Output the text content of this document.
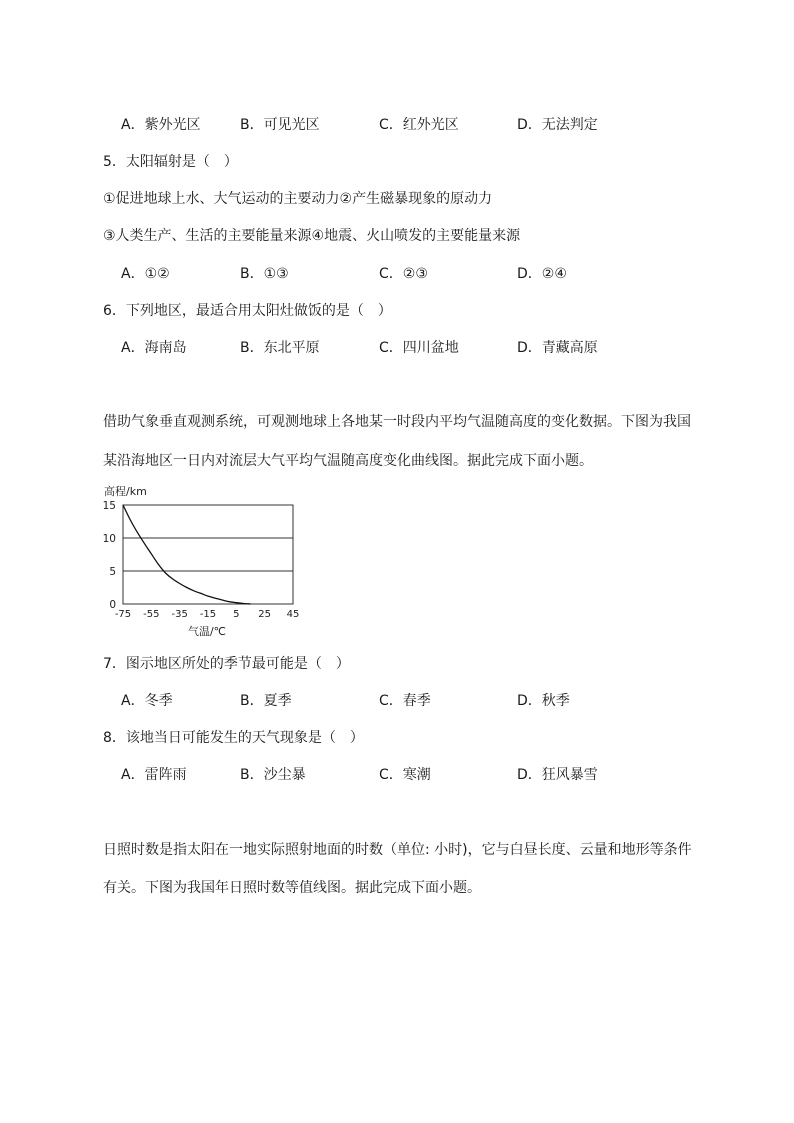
A．紫外光区	B．可见光区	C．红外光区	D．无法判定
5．太阳辐射是（　）
①促进地球上水、大气运动的主要动力②产生磁暴现象的原动力
③人类生产、生活的主要能量来源④地震、火山喷发的主要能量来源
A．①②	B．①③	C．②③	D．②④
6．下列地区，最适合用太阳灶做饭的是（　）
A．海南岛	B．东北平原	C．四川盆地	D．青藏高原
借助气象垂直观测系统，可观测地球上各地某一时段内平均气温随高度的变化数据。下图为我国
某沿海地区一日内对流层大气平均气温随高度变化曲线图。据此完成下面小题。
高程/km
气温/℃
0
5
10
15
-75 -55 -35 -15 5 25 45
7．图示地区所处的季节最可能是（　）
A．冬季	B．夏季	C．春季	D．秋季
8．该地当日可能发生的天气现象是（　）
A．雷阵雨	B．沙尘暴	C．寒潮	D．狂风暴雪
日照时数是指太阳在一地实际照射地面的时数（单位: 小时)，它与白昼长度、云量和地形等条件
有关。下图为我国年日照时数等值线图。据此完成下面小题。
